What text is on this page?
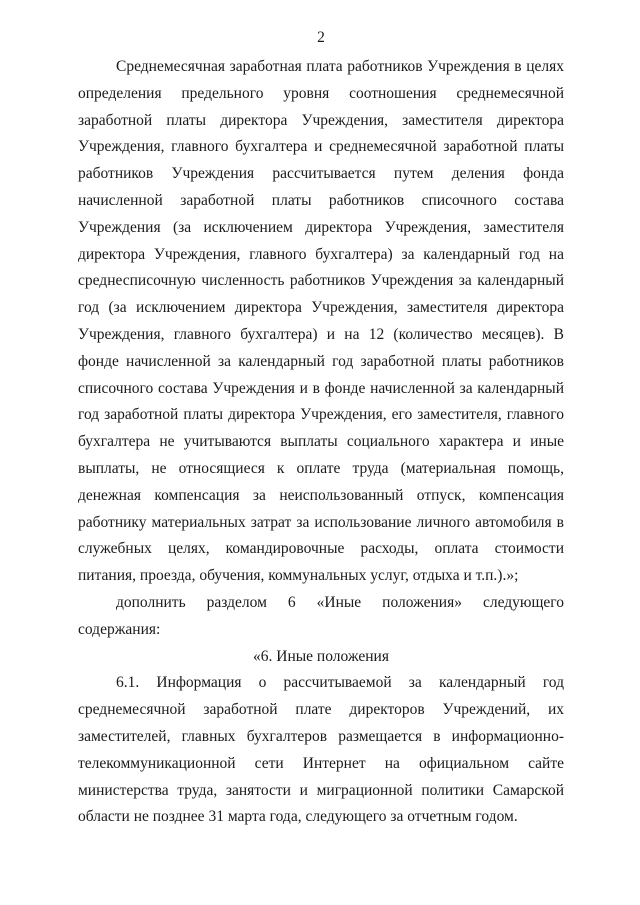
2

Среднемесячная заработная плата работников Учреждения в целях определения предельного уровня соотношения среднемесячной заработной платы директора Учреждения, заместителя директора Учреждения, главного бухгалтера и среднемесячной заработной платы работников Учреждения рассчитывается путем деления фонда начисленной заработной платы работников списочного состава Учреждения (за исключением директора Учреждения, заместителя директора Учреждения, главного бухгалтера) за календарный год на среднесписочную численность работников Учреждения за календарный год (за исключением директора Учреждения, заместителя директора Учреждения, главного бухгалтера) и на 12 (количество месяцев). В фонде начисленной за календарный год заработной платы работников списочного состава Учреждения и в фонде начисленной за календарный год заработной платы директора Учреждения, его заместителя, главного бухгалтера не учитываются выплаты социального характера и иные выплаты, не относящиеся к оплате труда (материальная помощь, денежная компенсация за неиспользованный отпуск, компенсация работнику материальных затрат за использование личного автомобиля в служебных целях, командировочные расходы, оплата стоимости питания, проезда, обучения, коммунальных услуг, отдыха и т.п.).»;

дополнить разделом 6 «Иные положения» следующего содержания:

«6. Иные положения

6.1. Информация о рассчитываемой за календарный год среднемесячной заработной плате директоров Учреждений, их заместителей, главных бухгалтеров размещается в информационно-телекоммуникационной сети Интернет на официальном сайте министерства труда, занятости и миграционной политики Самарской области не позднее 31 марта года, следующего за отчетным годом.
